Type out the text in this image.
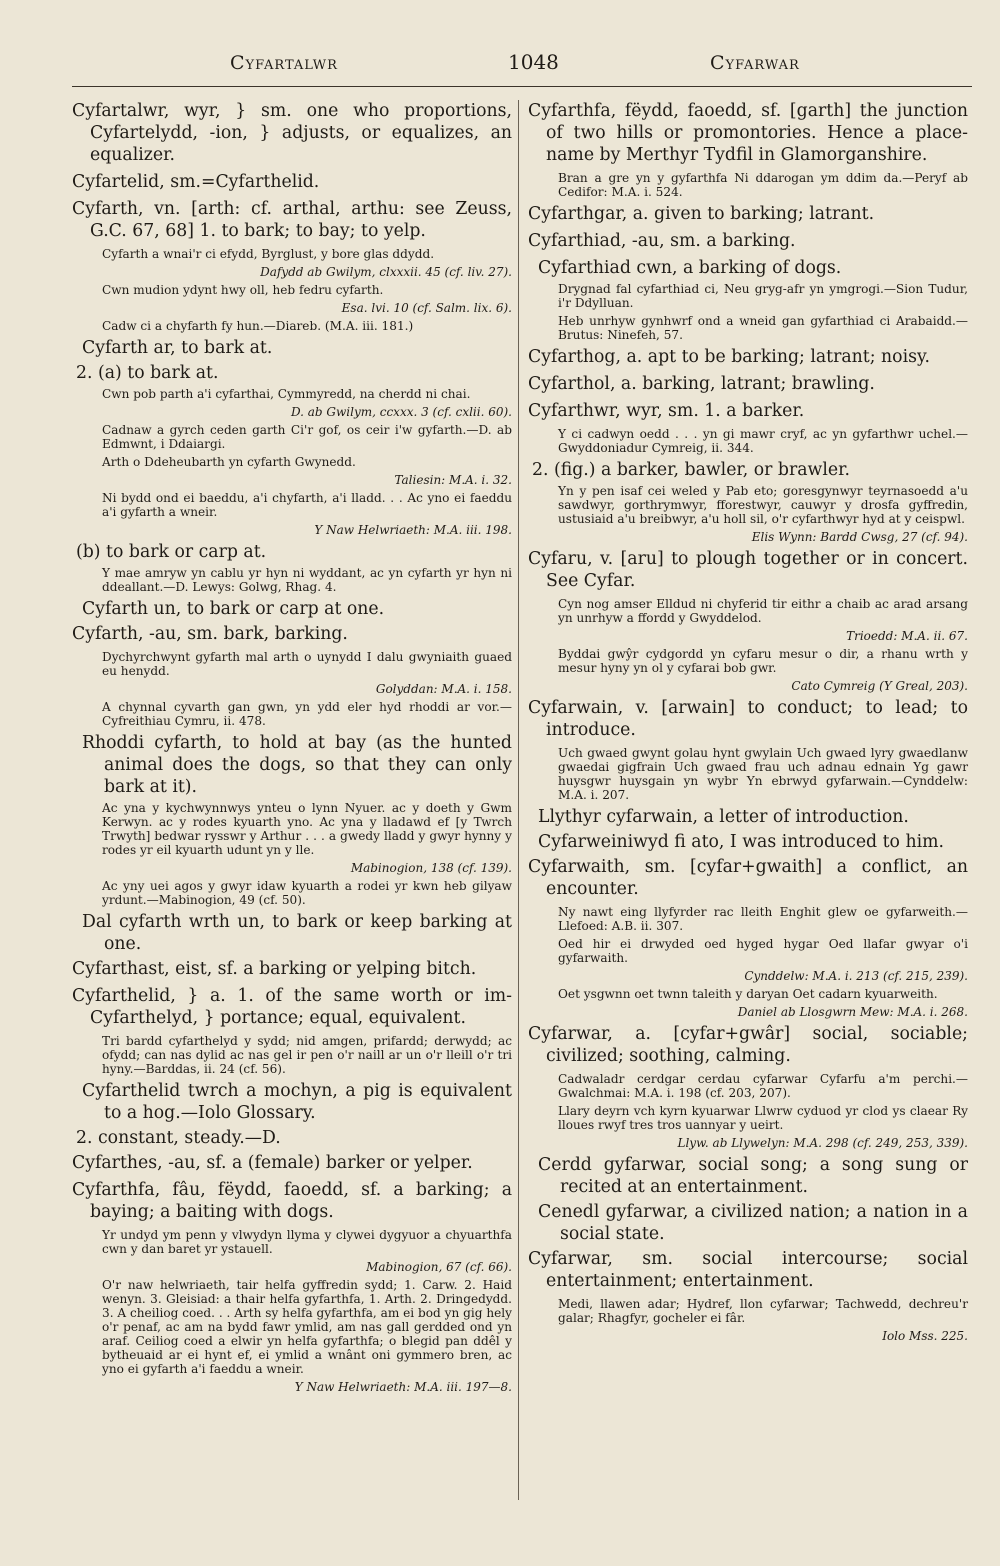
Cyfartalwr	1048	Cyfarwar
Cyfartalwr, wyr, } sm. one who proportions, Cyfartelydd, -ion, } adjusts, or equalizes, an equalizer.
Cyfartelid, sm.=Cyfarthelid.
Cyfarth, vn. [arth: cf. arthal, arthu: see Zeuss, G.C. 67, 68] 1. to bark; to bay; to yelp.
Cyfarth a wnai'r ci efydd, Byrglust, y bore glas ddydd.
Dafydd ab Gwilym, clxxxii. 45 (cf. liv. 27).
Cwn mudion ydynt hwy oll, heb fedru cyfarth.
Esa. lvi. 10 (cf. Salm. lix. 6).
Cadw ci a chyfarth fy hun.—Diareb. (M.A. iii. 181.)
Cyfarth ar, to bark at.
2. (a) to bark at.
Cwn pob parth a'i cyfarthai, Cymmyredd, na cherdd ni chai.
D. ab Gwilym, ccxxx. 3 (cf. cxlii. 60).
Cadnaw a gyrch ceden garth Ci'r gof, os ceir i'w gyfarth.—D. ab Edmwnt, i Ddaiargi.
Arth o Ddeheubarth yn cyfarth Gwynedd.
Taliesin: M.A. i. 32.
Ni bydd ond ei baeddu, a'i chyfarth, a'i lladd. . . Ac yno ei faeddu a'i gyfarth a wneir.
Y Naw Helwriaeth: M.A. iii. 198.
(b) to bark or carp at.
Y mae amryw yn cablu yr hyn ni wyddant, ac yn cyfarth yr hyn ni ddeallant.—D. Lewys: Golwg, Rhag. 4.
Cyfarth un, to bark or carp at one.
Cyfarth, -au, sm. bark, barking.
Dychyrchwynt gyfarth mal arth o uynydd I dalu gwyniaith guaed eu henydd.
Golyddan: M.A. i. 158.
A chynnal cyvarth gan gwn, yn ydd eler hyd rhoddi ar vor.—Cyfreithiau Cymru, ii. 478.
Rhoddi cyfarth, to hold at bay (as the hunted animal does the dogs, so that they can only bark at it).
Ac yna y kychwynnwys ynteu o lynn Nyuer. ac y doeth y Gwm Kerwyn. ac y rodes kyuarth yno. Ac yna y lladawd ef [y Twrch Trwyth] bedwar rysswr y Arthur . . . a gwedy lladd y gwyr hynny y rodes yr eil kyuarth udunt yn y lle.
Mabinogion, 138 (cf. 139).
Ac yny uei agos y gwyr idaw kyuarth a rodei yr kwn heb gilyaw yrdunt.—Mabinogion, 49 (cf. 50).
Dal cyfarth wrth un, to bark or keep barking at one.
Cyfarthast, eist, sf. a barking or yelping bitch.
Cyfarthelid, } a. 1. of the same worth or im- Cyfarthelyd, } portance; equal, equivalent.
Tri bardd cyfarthelyd y sydd; nid amgen, prifardd; derwydd; ac ofydd; can nas dylid ac nas gel ir pen o'r naill ar un o'r lleill o'r tri hyny.—Barddas, ii. 24 (cf. 56).
Cyfarthelid twrch a mochyn, a pig is equivalent to a hog.—Iolo Glossary.
2. constant, steady.—D.
Cyfarthes, -au, sf. a (female) barker or yelper.
Cyfarthfa, fâu, fëydd, faoedd, sf. a barking; a baying; a baiting with dogs.
Yr undyd ym penn y vlwydyn llyma y clywei dygyuor a chyuarthfa cwn y dan baret yr ystauell.
Mabinogion, 67 (cf. 66).
O'r naw helwriaeth, tair helfa gyffredin sydd; 1. Carw. 2. Haid wenyn. 3. Gleisiad: a thair helfa gyfarthfa, 1. Arth. 2. Dringedydd. 3. A cheiliog coed. . . Arth sy helfa gyfarthfa, am ei bod yn gig hely o'r penaf, ac am na bydd fawr ymlid, am nas gall gerdded ond yn araf. Ceiliog coed a elwir yn helfa gyfarthfa; o blegid pan ddêl y bytheuaid ar ei hynt ef, ei ymlid a wnânt oni gymmero bren, ac yno ei gyfarth a'i faeddu a wneir.
Y Naw Helwriaeth: M.A. iii. 197—8.
Cyfarthfa, fëydd, faoedd, sf. [garth] the junction of two hills or promontories. Hence a place-name by Merthyr Tydfil in Glamorganshire.
Bran a gre yn y gyfarthfa Ni ddarogan ym ddim da.—Peryf ab Cedifor: M.A. i. 524.
Cyfarthgar, a. given to barking; latrant.
Cyfarthiad, -au, sm. a barking.
Cyfarthiad cwn, a barking of dogs.
Drygnad fal cyfarthiad ci, Neu gryg-afr yn ymgrogi.—Sion Tudur, i'r Ddylluan.
Heb unrhyw gynhwrf ond a wneid gan gyfarthiad ci Arabaidd.—Brutus: Ninefeh, 57.
Cyfarthog, a. apt to be barking; latrant; noisy.
Cyfarthol, a. barking, latrant; brawling.
Cyfarthwr, wyr, sm. 1. a barker.
Y ci cadwyn oedd . . . yn gi mawr cryf, ac yn gyfarthwr uchel.—Gwyddoniadur Cymreig, ii. 344.
2. (fig.) a barker, bawler, or brawler.
Yn y pen isaf cei weled y Pab eto; goresgynwyr teyrnasoedd a'u sawdwyr, gorthrymwyr, fforestwyr, cauwyr y drosfa gyffredin, ustusiaid a'u breibwyr, a'u holl sil, o'r cyfarthwyr hyd at y ceispwl.
Elis Wynn: Bardd Cwsg, 27 (cf. 94).
Cyfaru, v. [aru] to plough together or in concert. See Cyfar.
Cyn nog amser Elldud ni chyferid tir eithr a chaib ac arad arsang yn unrhyw a ffordd y Gwyddelod.
Trioedd: M.A. ii. 67.
Byddai gwŷr cydgordd yn cyfaru mesur o dir, a rhanu wrth y mesur hyny yn ol y cyfarai bob gwr.
Cato Cymreig (Y Greal, 203).
Cyfarwain, v. [arwain] to conduct; to lead; to introduce.
Uch gwaed gwynt golau hynt gwylain Uch gwaed lyry gwaedlanw gwaedai gigfrain Uch gwaed frau uch adnau ednain Yg gawr huysgwr huysgain yn wybr Yn ebrwyd gyfarwain.—Cynddelw: M.A. i. 207.
Llythyr cyfarwain, a letter of introduction.
Cyfarweiniwyd fi ato, I was introduced to him.
Cyfarwaith, sm. [cyfar+gwaith] a conflict, an encounter.
Ny nawt eing llyfyrder rac lleith Enghit glew oe gyfarweith.—Llefoed: A.B. ii. 307.
Oed hir ei drwyded oed hyged hygar Oed llafar gwyar o'i gyfarwaith.
Cynddelw: M.A. i. 213 (cf. 215, 239).
Oet ysgwnn oet twnn taleith y daryan Oet cadarn kyuarweith.
Daniel ab Llosgwrn Mew: M.A. i. 268.
Cyfarwar, a. [cyfar+gwâr] social, sociable; civilized; soothing, calming.
Cadwaladr cerdgar cerdau cyfarwar Cyfarfu a'm perchi.—Gwalchmai: M.A. i. 198 (cf. 203, 207).
Llary deyrn vch kyrn kyuarwar Llwrw cyduod yr clod ys claear Ry lloues rwyf tres tros uannyar y ueirt.
Llyw. ab Llywelyn: M.A. 298 (cf. 249, 253, 339).
Cerdd gyfarwar, social song; a song sung or recited at an entertainment.
Cenedl gyfarwar, a civilized nation; a nation in a social state.
Cyfarwar, sm. social intercourse; social entertainment; entertainment.
Medi, llawen adar; Hydref, llon cyfarwar; Tachwedd, dechreu'r galar; Rhagfyr, gocheler ei fâr.
Iolo Mss. 225.
